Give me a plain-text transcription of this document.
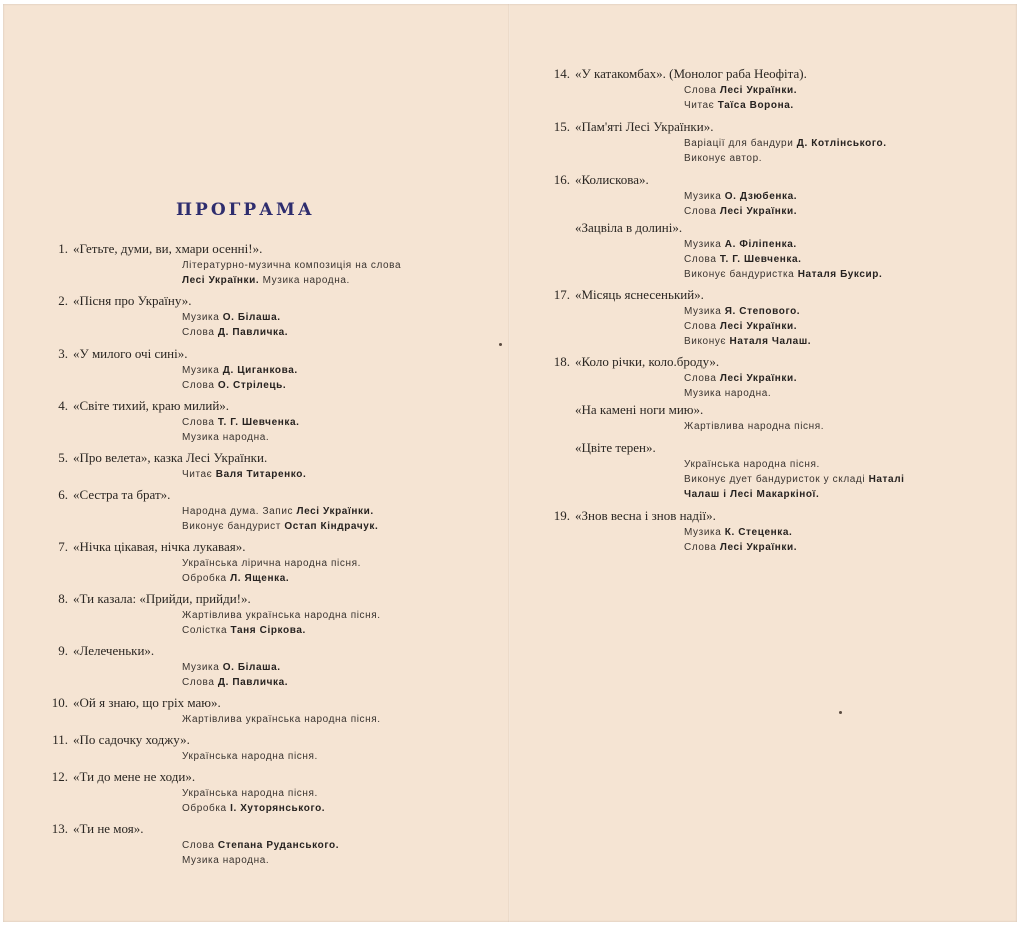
ПРОГРАМА
1. «Гетьте, думи, ви, хмари осенні!».
Літературно-музична композиція на слова
Лесі Українки. Музика народна.
2. «Пісня про Україну».
Музика О. Білаша.
Слова Д. Павличка.
3. «У милого очі сині».
Музика Д. Циганкова.
Слова О. Стрілець.
4. «Світе тихий, краю милий».
Слова Т. Г. Шевченка.
Музика народна.
5. «Про велета», казка Лесі Українки.
Читає Валя Титаренко.
6. «Сестра та брат».
Народна дума. Запис Лесі Українки.
Виконує бандурист Остап Кіндрачук.
7. «Нічка цікавая, нічка лукавая».
Українська лірична народна пісня.
Обробка Л. Ященка.
8. «Ти казала: «Прийди, прийди!».
Жартівлива українська народна пісня.
Солістка Таня Сіркова.
9. «Лелеченьки».
Музика О. Білаша.
Слова Д. Павличка.
10. «Ой я знаю, що гріх маю».
Жартівлива українська народна пісня.
11. «По садочку ходжу».
Українська народна пісня.
12. «Ти до мене не ходи».
Українська народна пісня.
Обробка І. Хуторянського.
13. «Ти не моя».
Слова Степана Руданського.
Музика народна.
14. «У катакомбах». (Монолог раба Неофіта).
Слова Лесі Українки.
Читає Таїса Ворона.
15. «Пам'яті Лесі Українки».
Варіації для бандури Д. Котлінського.
Виконує автор.
16. «Колискова».
Музика О. Дзюбенка.
Слова Лесі Українки.
«Зацвіла в долині».
Музика А. Філіпенка.
Слова Т. Г. Шевченка.
Виконує бандуристка Наталя Буксир.
17. «Місяць яснесенький».
Музика Я. Степового.
Слова Лесі Українки.
Виконує Наталя Чалаш.
18. «Коло річки, коло.броду».
Слова Лесі Українки.
Музика народна.
«На камені ноги мию».
Жартівлива народна пісня.
«Цвіте терен».
Українська народна пісня.
Виконує дует бандуристок у складі Наталі
Чалаш і Лесі Макаркіної.
19. «Знов весна і знов надії».
Музика К. Стеценка.
Слова Лесі Українки.
